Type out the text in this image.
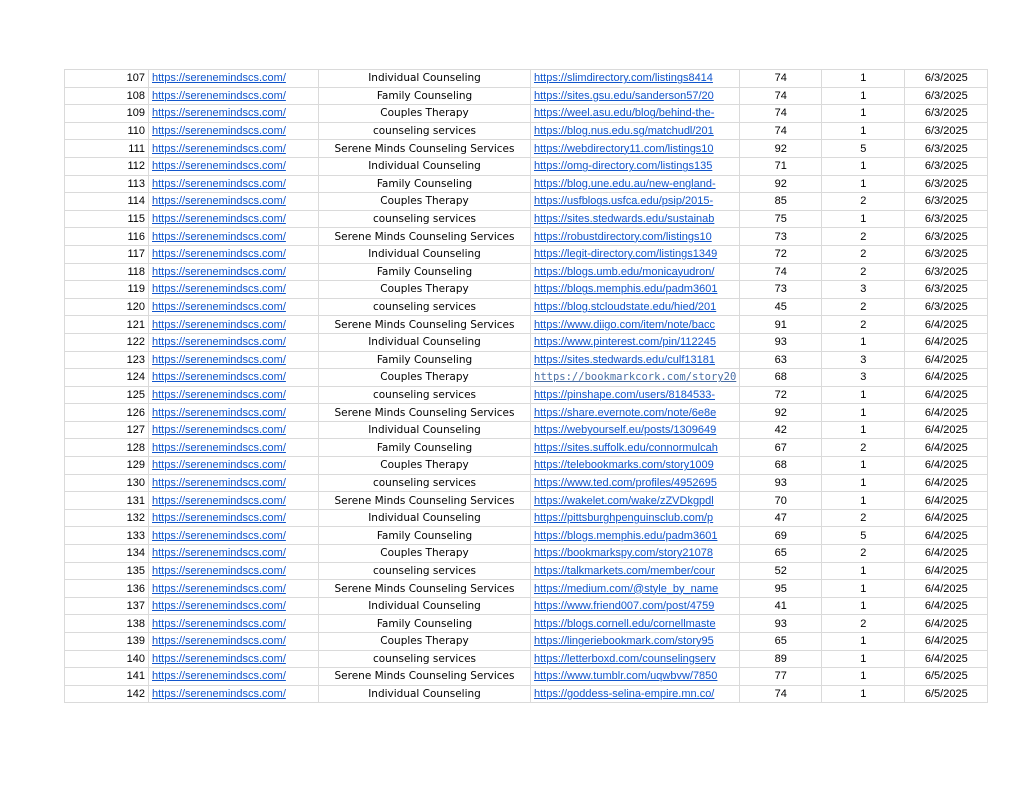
107	https://serenemindscs.com/	Individual Counseling	https://slimdirectory.com/listings8414	74	1	6/3/2025
108	https://serenemindscs.com/	Family Counseling	https://sites.gsu.edu/sanderson57/20	74	1	6/3/2025
109	https://serenemindscs.com/	Couples Therapy	https://weel.asu.edu/blog/behind-the-	74	1	6/3/2025
110	https://serenemindscs.com/	counseling services	https://blog.nus.edu.sg/matchudl/201	74	1	6/3/2025
111	https://serenemindscs.com/	Serene Minds Counseling Services	https://webdirectory11.com/listings10	92	5	6/3/2025
112	https://serenemindscs.com/	Individual Counseling	https://omg-directory.com/listings135	71	1	6/3/2025
113	https://serenemindscs.com/	Family Counseling	https://blog.une.edu.au/new-england-	92	1	6/3/2025
114	https://serenemindscs.com/	Couples Therapy	https://usfblogs.usfca.edu/psip/2015-	85	2	6/3/2025
115	https://serenemindscs.com/	counseling services	https://sites.stedwards.edu/sustainab	75	1	6/3/2025
116	https://serenemindscs.com/	Serene Minds Counseling Services	https://robustdirectory.com/listings10	73	2	6/3/2025
117	https://serenemindscs.com/	Individual Counseling	https://legit-directory.com/listings1349	72	2	6/3/2025
118	https://serenemindscs.com/	Family Counseling	https://blogs.umb.edu/monicayudron/	74	2	6/3/2025
119	https://serenemindscs.com/	Couples Therapy	https://blogs.memphis.edu/padm3601	73	3	6/3/2025
120	https://serenemindscs.com/	counseling services	https://blog.stcloudstate.edu/hied/201	45	2	6/3/2025
121	https://serenemindscs.com/	Serene Minds Counseling Services	https://www.diigo.com/item/note/bacc	91	2	6/4/2025
122	https://serenemindscs.com/	Individual Counseling	https://www.pinterest.com/pin/112245	93	1	6/4/2025
123	https://serenemindscs.com/	Family Counseling	https://sites.stedwards.edu/culf13181	63	3	6/4/2025
124	https://serenemindscs.com/	Couples Therapy	https://bookmarkcork.com/story20	68	3	6/4/2025
125	https://serenemindscs.com/	counseling services	https://pinshape.com/users/8184533-	72	1	6/4/2025
126	https://serenemindscs.com/	Serene Minds Counseling Services	https://share.evernote.com/note/6e8e	92	1	6/4/2025
127	https://serenemindscs.com/	Individual Counseling	https://webyourself.eu/posts/1309649	42	1	6/4/2025
128	https://serenemindscs.com/	Family Counseling	https://sites.suffolk.edu/connormulcah	67	2	6/4/2025
129	https://serenemindscs.com/	Couples Therapy	https://telebookmarks.com/story1009	68	1	6/4/2025
130	https://serenemindscs.com/	counseling services	https://www.ted.com/profiles/4952695	93	1	6/4/2025
131	https://serenemindscs.com/	Serene Minds Counseling Services	https://wakelet.com/wake/zZVDkgpdl	70	1	6/4/2025
132	https://serenemindscs.com/	Individual Counseling	https://pittsburghpenguinsclub.com/p	47	2	6/4/2025
133	https://serenemindscs.com/	Family Counseling	https://blogs.memphis.edu/padm3601	69	5	6/4/2025
134	https://serenemindscs.com/	Couples Therapy	https://bookmarkspy.com/story21078	65	2	6/4/2025
135	https://serenemindscs.com/	counseling services	https://talkmarkets.com/member/cour	52	1	6/4/2025
136	https://serenemindscs.com/	Serene Minds Counseling Services	https://medium.com/@style_by_name	95	1	6/4/2025
137	https://serenemindscs.com/	Individual Counseling	https://www.friend007.com/post/4759	41	1	6/4/2025
138	https://serenemindscs.com/	Family Counseling	https://blogs.cornell.edu/cornellmaste	93	2	6/4/2025
139	https://serenemindscs.com/	Couples Therapy	https://lingeriebookmark.com/story95	65	1	6/4/2025
140	https://serenemindscs.com/	counseling services	https://letterboxd.com/counselingserv	89	1	6/4/2025
141	https://serenemindscs.com/	Serene Minds Counseling Services	https://www.tumblr.com/uqwbvw/7850	77	1	6/5/2025
142	https://serenemindscs.com/	Individual Counseling	https://goddess-selina-empire.mn.co/	74	1	6/5/2025
